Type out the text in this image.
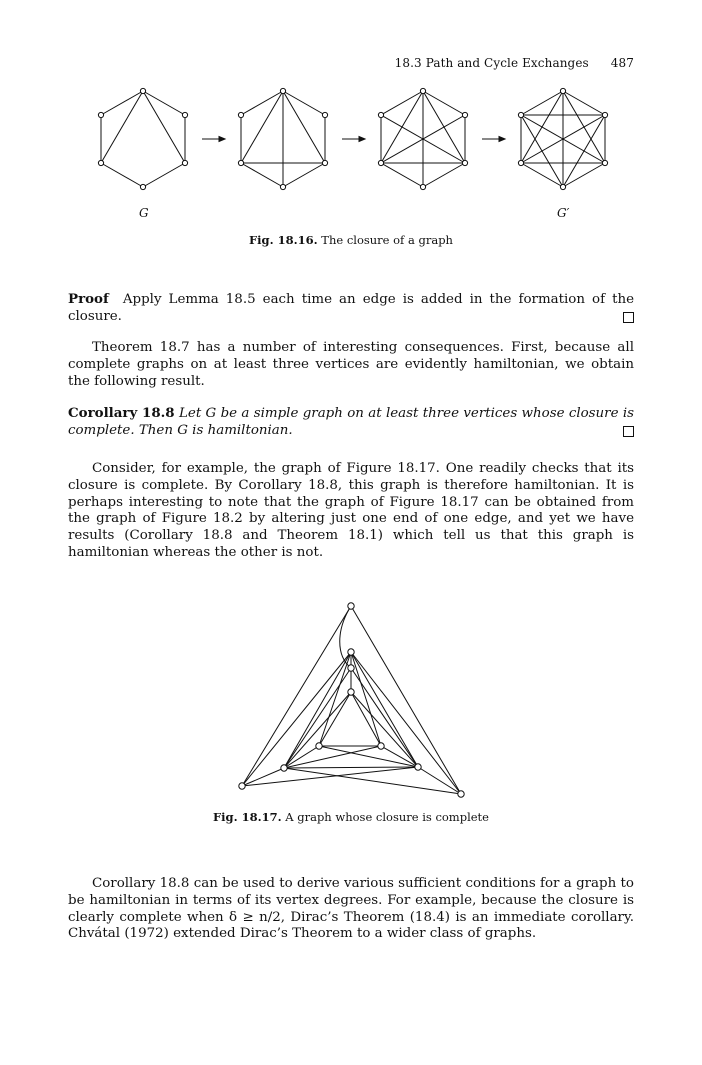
18.3 Path and Cycle Exchanges 487
G	G′
Fig. 18.16. The closure of a graph
Proof Apply Lemma 18.5 each time an edge is added in the formation of the closure.
Theorem 18.7 has a number of interesting consequences. First, because all complete graphs on at least three vertices are evidently hamiltonian, we obtain the following result.
Corollary 18.8 Let G be a simple graph on at least three vertices whose closure is complete. Then G is hamiltonian.
Consider, for example, the graph of Figure 18.17. One readily checks that its closure is complete. By Corollary 18.8, this graph is therefore hamiltonian. It is perhaps interesting to note that the graph of Figure 18.17 can be obtained from the graph of Figure 18.2 by altering just one end of one edge, and yet we have results (Corollary 18.8 and Theorem 18.1) which tell us that this graph is hamiltonian whereas the other is not.
Fig. 18.17. A graph whose closure is complete
Corollary 18.8 can be used to derive various sufficient conditions for a graph to be hamiltonian in terms of its vertex degrees. For example, because the closure is clearly complete when δ ≥ n/2, Dirac’s Theorem (18.4) is an immediate corollary. Chvátal (1972) extended Dirac’s Theorem to a wider class of graphs.
